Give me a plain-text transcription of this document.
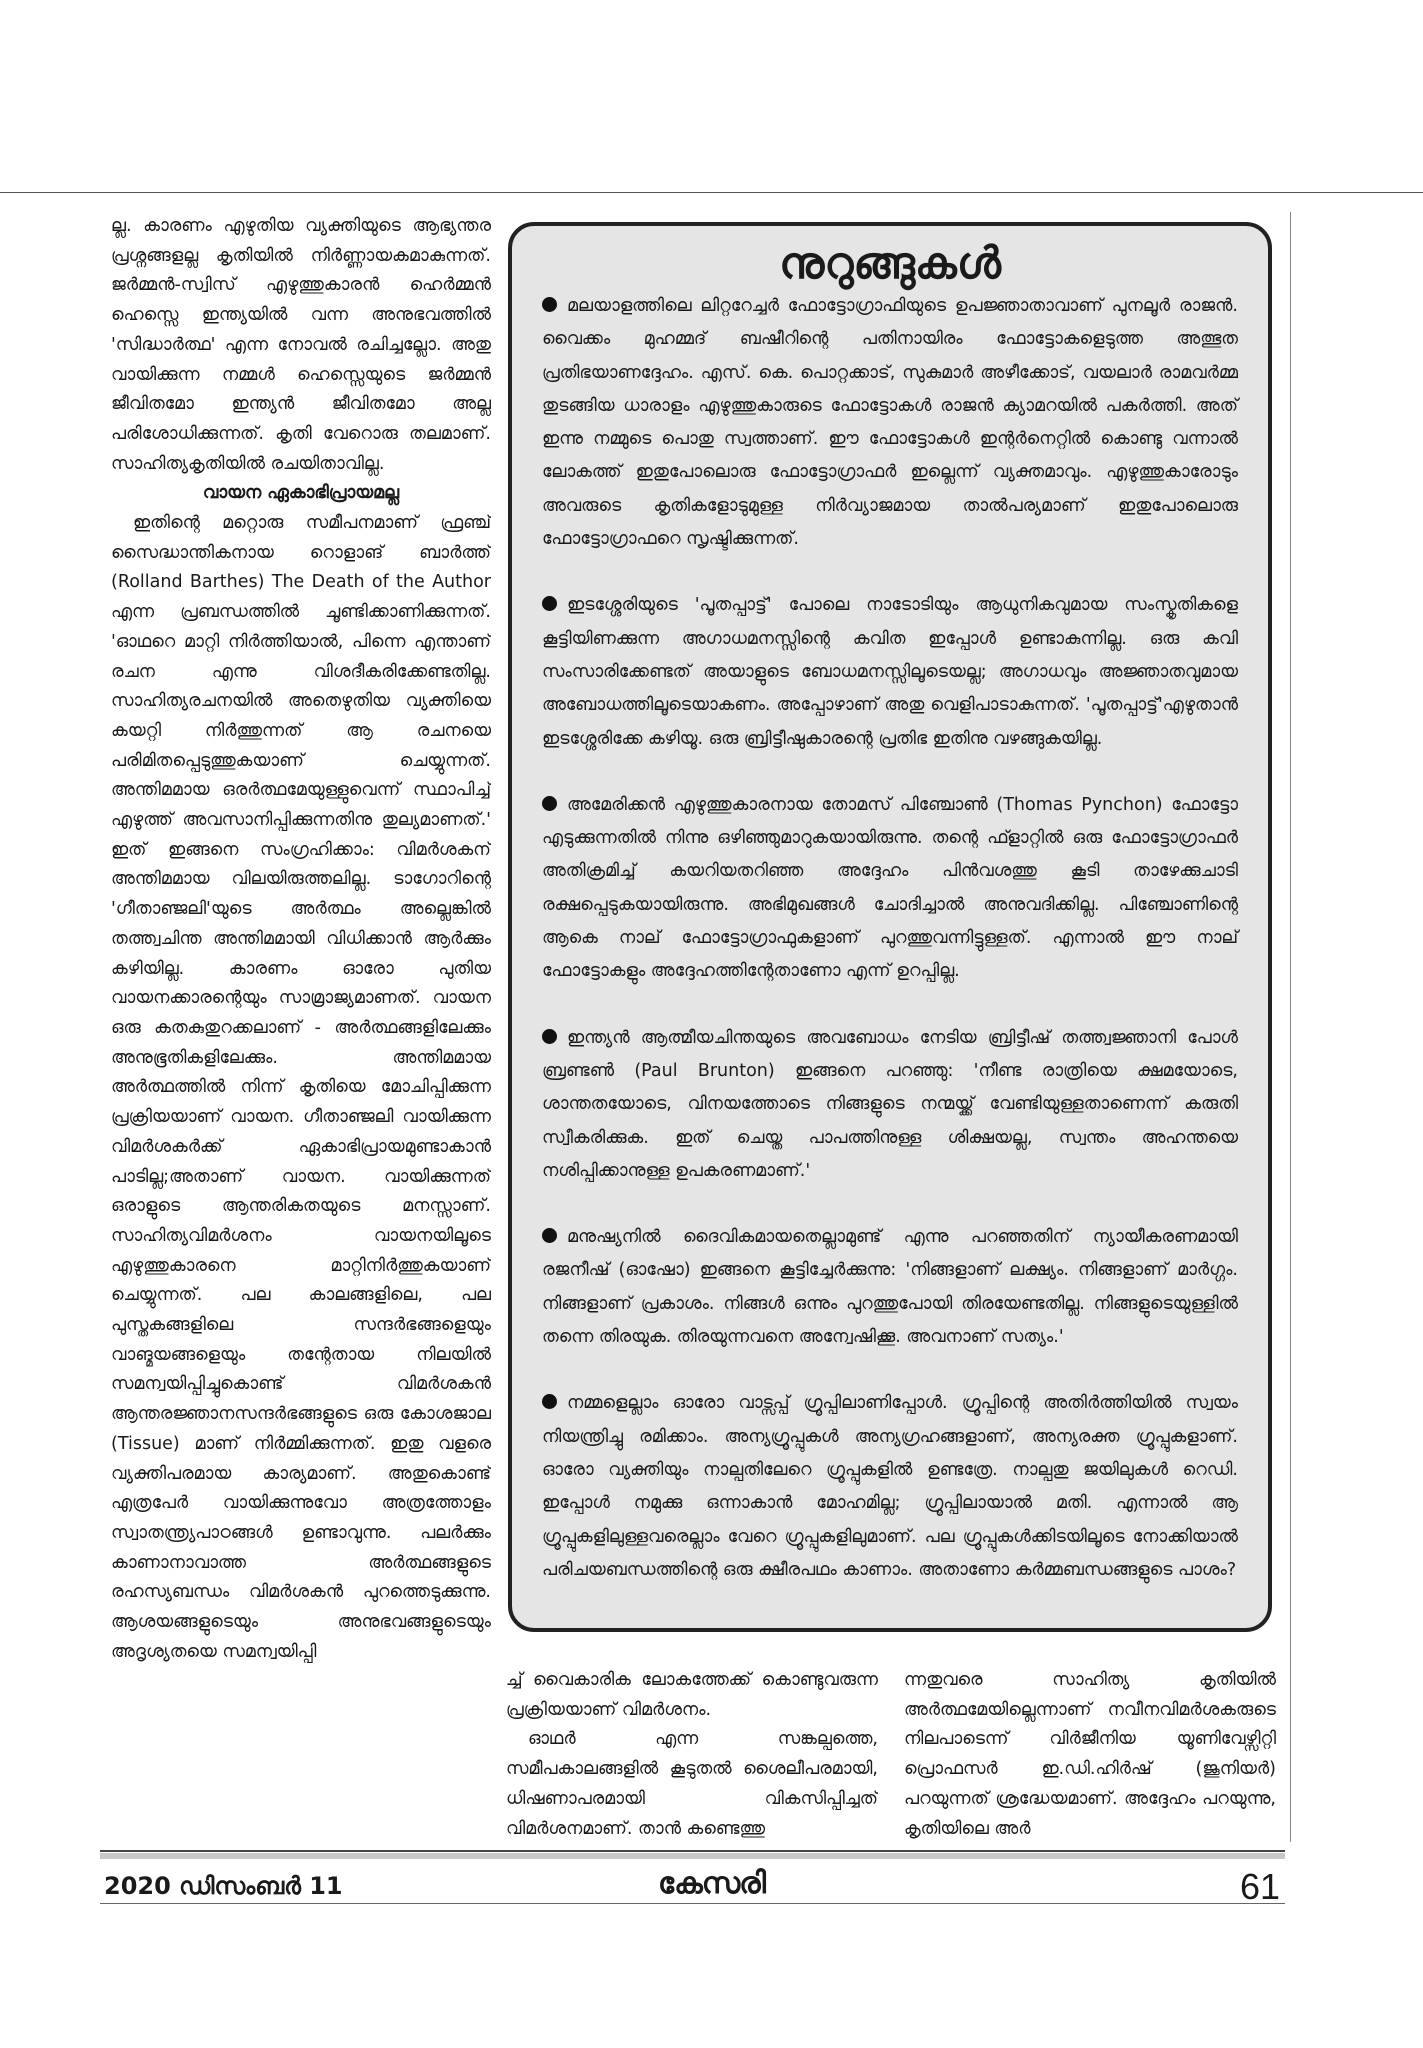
ല്ല. കാരണം എഴുതിയ വ്യക്തിയുടെ ആഭ്യന്തര പ്രശ്നങ്ങളല്ല കൃതിയിൽ നിർണ്ണായകമാകുന്നത്. ജർമ്മൻ-സ്വിസ് എഴുത്തുകാരൻ ഹെർമ്മൻ ഹെസ്സെ ഇന്ത്യയിൽ വന്ന അനുഭവത്തിൽ 'സിദ്ധാർത്ഥ' എന്ന നോവൽ രചിച്ചല്ലോ. അതു വായിക്കുന്ന നമ്മൾ ഹെസ്സെയുടെ ജർമ്മൻ ജീവിതമോ ഇന്ത്യൻ ജീവിതമോ അല്ല പരിശോധിക്കുന്നത്. കൃതി വേറൊരു തലമാണ്. സാഹിത്യകൃതിയിൽ രചയിതാവില്ല.

വായന ഏകാഭിപ്രായമല്ല

ഇതിന്റെ മറ്റൊരു സമീപനമാണ് ഫ്രഞ്ച് സൈദ്ധാന്തികനായ റൊളാങ് ബാർത്ത് (Rolland Barthes) The Death of the Author എന്ന പ്രബന്ധത്തിൽ ചൂണ്ടിക്കാണിക്കുന്നത്. 'ഓഥറെ മാറ്റി നിർത്തിയാൽ, പിന്നെ എന്താണ് രചന എന്നു വിശദീകരിക്കേണ്ടതില്ല. സാഹിത്യരചനയിൽ അതെഴുതിയ വ്യക്തിയെ കയറ്റി നിർത്തുന്നത് ആ രചനയെ പരിമിതപ്പെടുത്തുകയാണ് ചെയ്യുന്നത്. അന്തിമമായ ഒരർത്ഥമേയുള്ളുവെന്ന് സ്ഥാപിച്ച് എഴുത്ത് അവസാനിപ്പിക്കുന്നതിനു തുല്യമാണത്.' ഇത് ഇങ്ങനെ സംഗ്രഹിക്കാം: വിമർശകന് അന്തിമമായ വിലയിരുത്തലില്ല. ടാഗോറിന്റെ 'ഗീതാഞ്ജലി'യുടെ അർത്ഥം അല്ലെങ്കിൽ തത്ത്വചിന്ത അന്തിമമായി വിധിക്കാൻ ആർക്കും കഴിയില്ല. കാരണം ഓരോ പുതിയ വായനക്കാരന്റെയും സാമ്രാജ്യമാണത്. വായന ഒരു കതകുതുറക്കലാണ് - അർത്ഥങ്ങളിലേക്കും അനുഭൂതികളിലേക്കും. അന്തിമമായ അർത്ഥത്തിൽ നിന്ന് കൃതിയെ മോചിപ്പിക്കുന്ന പ്രക്രിയയാണ് വായന. ഗീതാഞ്ജലി വായിക്കുന്ന വിമർശകർക്ക് ഏകാഭിപ്രായമുണ്ടാകാൻ പാടില്ല;അതാണ് വായന. വായിക്കുന്നത് ഒരാളുടെ ആന്തരികതയുടെ മനസ്സാണ്. സാഹിത്യവിമർശനം വായനയിലൂടെ എഴുത്തുകാരനെ മാറ്റിനിർത്തുകയാണ് ചെയ്യുന്നത്. പല കാലങ്ങളിലെ, പല പുസ്തകങ്ങളിലെ സന്ദർഭങ്ങളെയും വാങ്മയങ്ങളെയും തന്റേതായ നിലയിൽ സമന്വയിപ്പിച്ചുകൊണ്ട് വിമർശകൻ ആന്തരജ്ഞാനസന്ദർഭങ്ങളുടെ ഒരു കോശജാല (Tissue) മാണ് നിർമ്മിക്കുന്നത്. ഇതു വളരെ വ്യക്തിപരമായ കാര്യമാണ്. അതുകൊണ്ട് എത്രപേർ വായിക്കുന്നുവോ അത്രത്തോളം സ്വാതന്ത്ര്യപാഠങ്ങൾ ഉണ്ടാവുന്നു. പലർക്കും കാണാനാവാത്ത അർത്ഥങ്ങളുടെ രഹസ്യബന്ധം വിമർശകൻ പുറത്തെടുക്കുന്നു. ആശയങ്ങളുടെയും അനുഭവങ്ങളുടെയും അദൃശ്യതയെ സമന്വയിപ്പി

നുറുങ്ങുകൾ

മലയാളത്തിലെ ലിറ്ററേച്ചർ ഫോട്ടോഗ്രാഫിയുടെ ഉപജ്ഞാതാവാണ് പുനലൂർ രാജൻ. വൈക്കം മുഹമ്മദ് ബഷീറിന്റെ പതിനായിരം ഫോട്ടോകളെടുത്ത അത്ഭുത പ്രതിഭയാണദ്ദേഹം. എസ്. കെ. പൊറ്റക്കാട്, സുകുമാർ അഴീക്കോട്, വയലാർ രാമവർമ്മ തുടങ്ങിയ ധാരാളം എഴുത്തുകാരുടെ ഫോട്ടോകൾ രാജൻ ക്യാമറയിൽ പകർത്തി. അത് ഇന്നു നമ്മുടെ പൊതു സ്വത്താണ്. ഈ ഫോട്ടോകൾ ഇന്റർനെറ്റിൽ കൊണ്ടു വന്നാൽ ലോകത്ത് ഇതുപോലൊരു ഫോട്ടോഗ്രാഫർ ഇല്ലെന്ന് വ്യക്തമാവും. എഴുത്തുകാരോടും അവരുടെ കൃതികളോടുമുള്ള നിർവ്യാജമായ താൽപര്യമാണ് ഇതുപോലൊരു ഫോട്ടോഗ്രാഫറെ സൃഷ്ടിക്കുന്നത്.

ഇടശ്ശേരിയുടെ 'പൂതപ്പാട്ട്' പോലെ നാടോടിയും ആധുനികവുമായ സംസ്കൃതികളെ കൂട്ടിയിണക്കുന്ന അഗാധമനസ്സിന്റെ കവിത ഇപ്പോൾ ഉണ്ടാകുന്നില്ല. ഒരു കവി സംസാരിക്കേണ്ടത് അയാളുടെ ബോധമനസ്സിലൂടെയല്ല; അഗാധവും അജ്ഞാതവുമായ അബോധത്തിലൂടെയാകണം. അപ്പോഴാണ് അതു വെളിപാടാകുന്നത്. 'പൂതപ്പാട്ട്'എഴുതാൻ ഇടശ്ശേരിക്കേ കഴിയൂ. ഒരു ബ്രിട്ടീഷുകാരന്റെ പ്രതിഭ ഇതിനു വഴങ്ങുകയില്ല.

അമേരിക്കൻ എഴുത്തുകാരനായ തോമസ് പിഞ്ചോൺ (Thomas Pynchon) ഫോട്ടോ എടുക്കുന്നതിൽ നിന്നു ഒഴിഞ്ഞുമാറുകയായിരുന്നു. തന്റെ ഫ്ളാറ്റിൽ ഒരു ഫോട്ടോഗ്രാഫർ അതിക്രമിച്ച് കയറിയതറിഞ്ഞ അദ്ദേഹം പിൻവശത്തു കൂടി താഴേക്കുചാടി രക്ഷപ്പെടുകയായിരുന്നു. അഭിമുഖങ്ങൾ ചോദിച്ചാൽ അനുവദിക്കില്ല. പിഞ്ചോണിന്റെ ആകെ നാല് ഫോട്ടോഗ്രാഫുകളാണ് പുറത്തുവന്നിട്ടുള്ളത്. എന്നാൽ ഈ നാല് ഫോട്ടോകളും അദ്ദേഹത്തിന്റേതാണോ എന്ന് ഉറപ്പില്ല.

ഇന്ത്യൻ ആത്മീയചിന്തയുടെ അവബോധം നേടിയ ബ്രിട്ടീഷ് തത്ത്വജ്ഞാനി പോൾ ബ്രണ്ടൺ (Paul Brunton) ഇങ്ങനെ പറഞ്ഞു: 'നീണ്ട രാത്രിയെ ക്ഷമയോടെ, ശാന്തതയോടെ, വിനയത്തോടെ നിങ്ങളുടെ നന്മയ്ക്ക് വേണ്ടിയുള്ളതാണെന്ന് കരുതി സ്വീകരിക്കുക. ഇത് ചെയ്ത പാപത്തിനുള്ള ശിക്ഷയല്ല, സ്വന്തം അഹന്തയെ നശിപ്പിക്കാനുള്ള ഉപകരണമാണ്.'

മനുഷ്യനിൽ ദൈവികമായതെല്ലാമുണ്ട് എന്നു പറഞ്ഞതിന് ന്യായീകരണമായി രജനീഷ് (ഓഷോ) ഇങ്ങനെ കൂട്ടിച്ചേർക്കുന്നു: 'നിങ്ങളാണ് ലക്ഷ്യം. നിങ്ങളാണ് മാർഗ്ഗം. നിങ്ങളാണ് പ്രകാശം. നിങ്ങൾ ഒന്നും പുറത്തുപോയി തിരയേണ്ടതില്ല. നിങ്ങളുടെയുള്ളിൽ തന്നെ തിരയുക. തിരയുന്നവനെ അന്വേഷിക്കൂ. അവനാണ് സത്യം.'

നമ്മളെല്ലാം ഓരോ വാട്സപ്പ് ഗ്രൂപ്പിലാണിപ്പോൾ. ഗ്രൂപ്പിന്റെ അതിർത്തിയിൽ സ്വയം നിയന്ത്രിച്ചു രമിക്കാം. അന്യഗ്രൂപ്പുകൾ അന്യഗ്രഹങ്ങളാണ്, അന്യരക്ത ഗ്രൂപ്പുകളാണ്. ഓരോ വ്യക്തിയും നാല്പതിലേറെ ഗ്രൂപ്പുകളിൽ ഉണ്ടത്രേ. നാല്പതു ജയിലുകൾ റെഡി. ഇപ്പോൾ നമുക്കു ഒന്നാകാൻ മോഹമില്ല; ഗ്രൂപ്പിലായാൽ മതി. എന്നാൽ ആ ഗ്രൂപ്പുകളിലുള്ളവരെല്ലാം വേറെ ഗ്രൂപ്പുകളിലുമാണ്. പല ഗ്രൂപ്പുകൾക്കിടയിലൂടെ നോക്കിയാൽ പരിചയബന്ധത്തിന്റെ ഒരു ക്ഷീരപഥം കാണാം. അതാണോ കർമ്മബന്ധങ്ങളുടെ പാശം?

ച്ച് വൈകാരിക ലോകത്തേക്ക് കൊണ്ടുവരുന്ന പ്രക്രിയയാണ് വിമർശനം.

ഓഥർ എന്ന സങ്കല്പത്തെ, സമീപകാലങ്ങളിൽ കൂടുതൽ ശൈലീപരമായി, ധിഷണാപരമായി വികസിപ്പിച്ചത് വിമർശനമാണ്. താൻ കണ്ടെത്തു

ന്നതുവരെ സാഹിത്യ കൃതിയിൽ അർത്ഥമേയില്ലെന്നാണ് നവീനവിമർശകരുടെ നിലപാടെന്ന് വിർജീനിയ യൂണിവേഴ്സിറ്റി പ്രൊഫസർ ഇ.ഡി.ഹിർഷ് (ജൂനിയർ) പറയുന്നത് ശ്രദ്ധേയമാണ്. അദ്ദേഹം പറയുന്നു, കൃതിയിലെ അർ

2020 ഡിസംബർ 11	കേസരി	61
